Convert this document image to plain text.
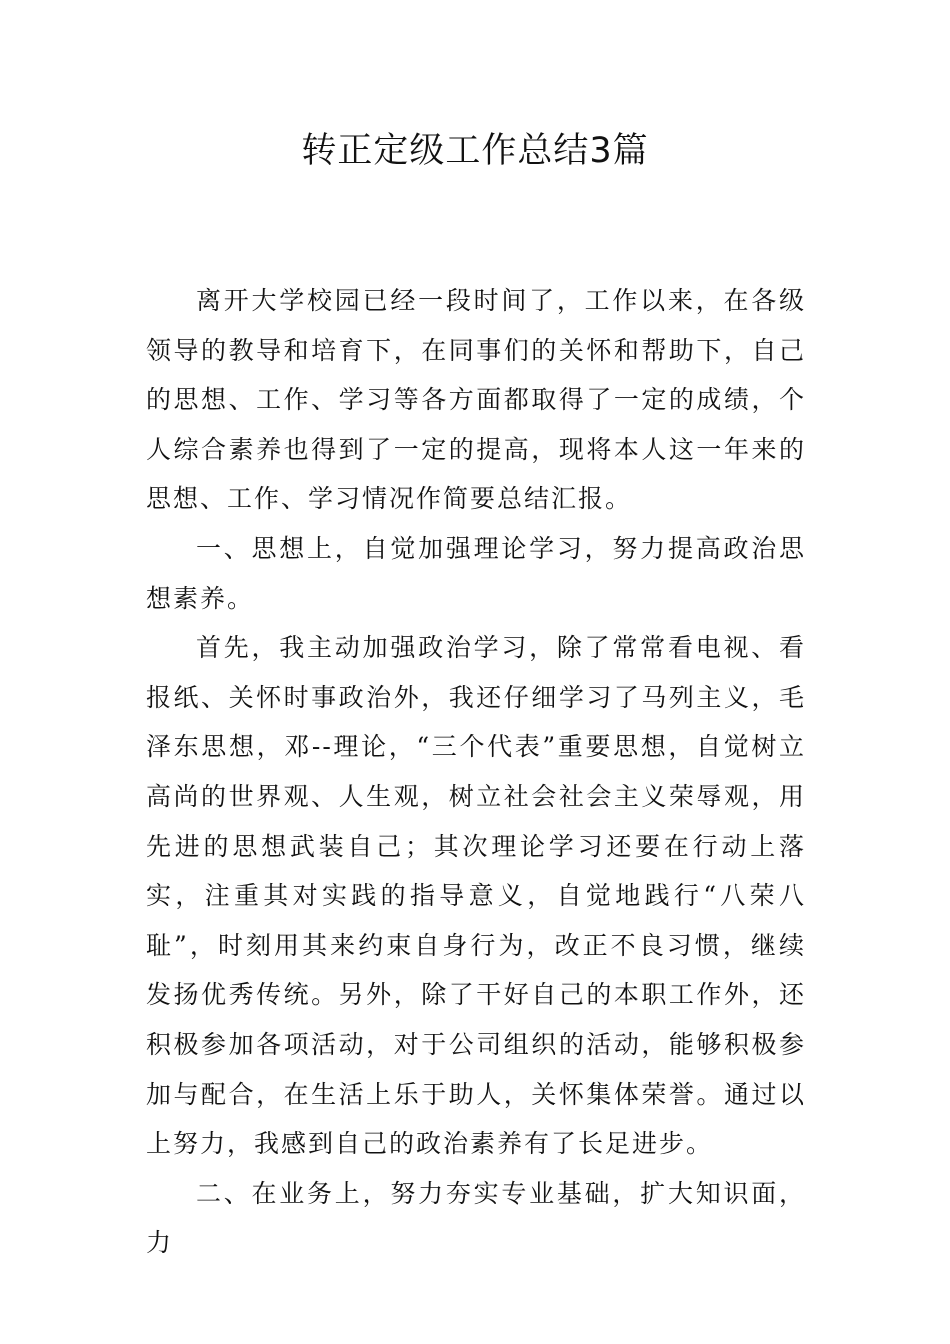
转正定级工作总结3篇

离开大学校园已经一段时间了，工作以来，在各级领导的教导和培育下，在同事们的关怀和帮助下，自己的思想、工作、学习等各方面都取得了一定的成绩，个人综合素养也得到了一定的提高，现将本人这一年来的思想、工作、学习情况作简要总结汇报。

一、思想上，自觉加强理论学习，努力提高政治思想素养。

首先，我主动加强政治学习，除了常常看电视、看报纸、关怀时事政治外，我还仔细学习了马列主义，毛泽东思想，邓--理论，“三个代表”重要思想，自觉树立高尚的世界观、人生观，树立社会社会主义荣辱观，用先进的思想武装自己；其次理论学习还要在行动上落实，注重其对实践的指导意义，自觉地践行“八荣八耻”，时刻用其来约束自身行为，改正不良习惯，继续发扬优秀传统。另外，除了干好自己的本职工作外，还积极参加各项活动，对于公司组织的活动，能够积极参加与配合，在生活上乐于助人，关怀集体荣誉。通过以上努力，我感到自己的政治素养有了长足进步。

二、在业务上，努力夯实专业基础，扩大知识面，力
